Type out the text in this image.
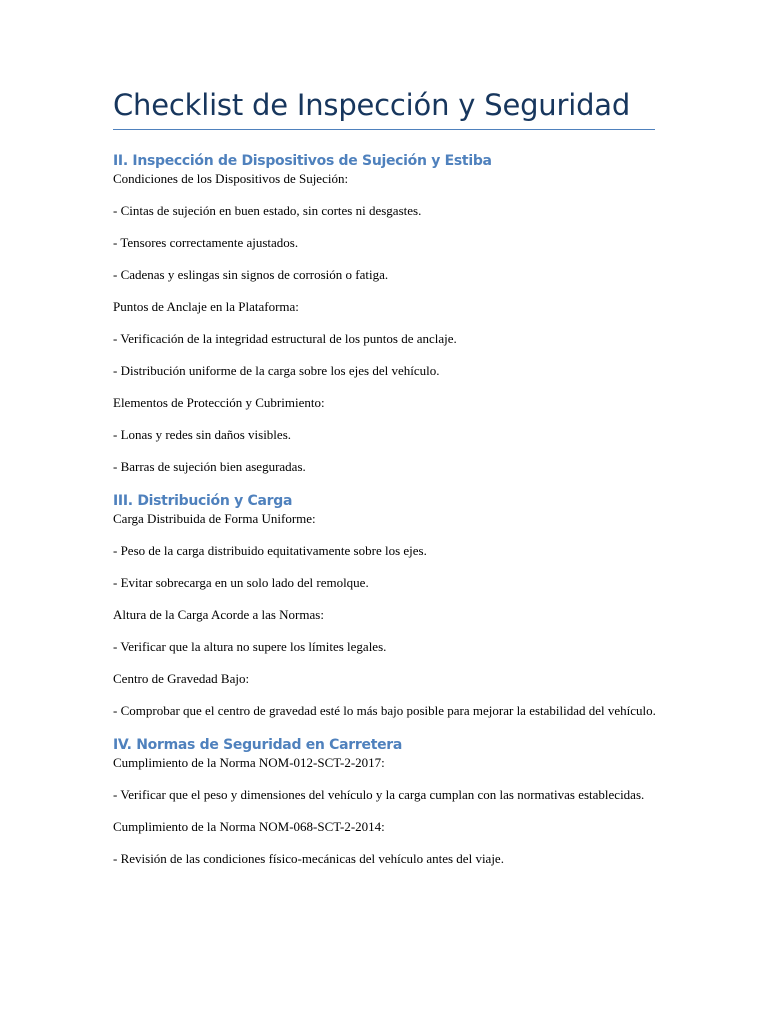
Checklist de Inspección y Seguridad
II. Inspección de Dispositivos de Sujeción y Estiba

Condiciones de los Dispositivos de Sujeción:

- Cintas de sujeción en buen estado, sin cortes ni desgastes.

- Tensores correctamente ajustados.

- Cadenas y eslingas sin signos de corrosión o fatiga.

Puntos de Anclaje en la Plataforma:

- Verificación de la integridad estructural de los puntos de anclaje.

- Distribución uniforme de la carga sobre los ejes del vehículo.

Elementos de Protección y Cubrimiento:

- Lonas y redes sin daños visibles.

- Barras de sujeción bien aseguradas.

III. Distribución y Carga

Carga Distribuida de Forma Uniforme:

- Peso de la carga distribuido equitativamente sobre los ejes.

- Evitar sobrecarga en un solo lado del remolque.

Altura de la Carga Acorde a las Normas:

- Verificar que la altura no supere los límites legales.

Centro de Gravedad Bajo:

- Comprobar que el centro de gravedad esté lo más bajo posible para mejorar la estabilidad del vehículo.

IV. Normas de Seguridad en Carretera

Cumplimiento de la Norma NOM-012-SCT-2-2017:

- Verificar que el peso y dimensiones del vehículo y la carga cumplan con las normativas establecidas.

Cumplimiento de la Norma NOM-068-SCT-2-2014:

- Revisión de las condiciones físico-mecánicas del vehículo antes del viaje.
